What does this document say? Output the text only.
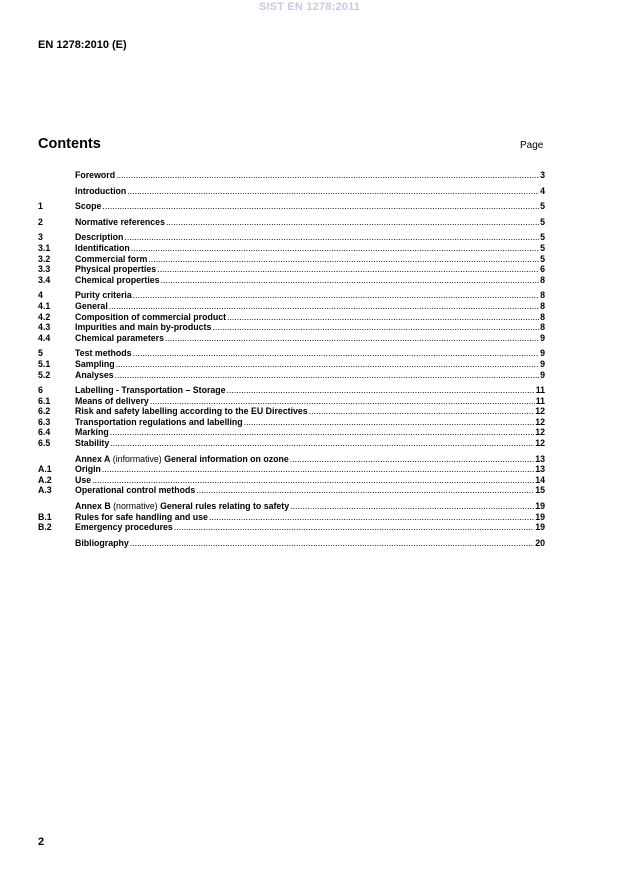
SIST EN 1278:2011
EN 1278:2010 (E)
Contents	Page
Foreword .....	3
Introduction .....	4
1	Scope .....	5
2	Normative references .....	5
3	Description .....	5
3.1	Identification .....	5
3.2	Commercial form .....	5
3.3	Physical properties .....	6
3.4	Chemical properties .....	8
4	Purity criteria .....	8
4.1	General .....	8
4.2	Composition of commercial product .....	8
4.3	Impurities and main by-products .....	8
4.4	Chemical parameters .....	9
5	Test methods .....	9
5.1	Sampling .....	9
5.2	Analyses .....	9
6	Labelling - Transportation – Storage .....	11
6.1	Means of delivery .....	11
6.2	Risk and safety labelling according to the EU Directives .....	12
6.3	Transportation regulations and labelling .....	12
6.4	Marking .....	12
6.5	Stability .....	12
Annex A (informative) General information on ozone .....	13
A.1	Origin .....	13
A.2	Use .....	14
A.3	Operational control methods .....	15
Annex B (normative) General rules relating to safety .....	19
B.1	Rules for safe handling and use .....	19
B.2	Emergency procedures .....	19
Bibliography .....	20
2
